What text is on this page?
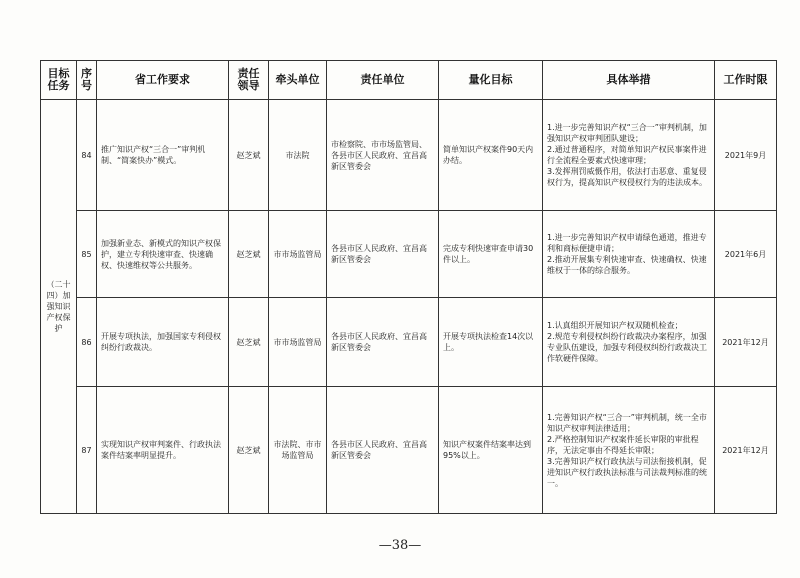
目标任务	序号	省工作要求	责任领导	牵头单位	责任单位	量化目标	具体举措	工作时限
（二十四）加强知识产权保护	84	推广知识产权“三合一”审判机制、“简案快办”模式。	赵芝斌	市法院	市检察院、市市场监管局、各县市区人民政府、宜昌高新区管委会	简单知识产权案件90天内办结。	1.进一步完善知识产权“三合一”审判机制，加强知识产权审判团队建设；
2.通过普通程序，对简单知识产权民事案件进行全流程全要素式快速审理；
3.发挥刑罚威慑作用，依法打击恶意、重复侵权行为，提高知识产权侵权行为的违法成本。	2021年9月
	85	加强新业态、新模式的知识产权保护，建立专利快速审查、快速确权、快速维权等公共服务。	赵芝斌	市市场监管局	各县市区人民政府、宜昌高新区管委会	完成专利快速审查申请30件以上。	1.进一步完善知识产权申请绿色通道，推进专利和商标便捷申请；
2.推动开展集专利快速审查、快速确权、快速维权于一体的综合服务。	2021年6月
	86	开展专项执法，加强国家专利侵权纠纷行政裁决。	赵芝斌	市市场监管局	各县市区人民政府、宜昌高新区管委会	开展专项执法检查14次以上。	1.认真组织开展知识产权双随机检查；
2.规范专利侵权纠纷行政裁决办案程序，加强专业队伍建设，加强专利侵权纠纷行政裁决工作软硬件保障。	2021年12月
	87	实现知识产权审判案件、行政执法案件结案率明显提升。	赵芝斌	市法院、市市场监管局	各县市区人民政府、宜昌高新区管委会	知识产权案件结案率达到95%以上。	1.完善知识产权“三合一”审判机制，统一全市知识产权审判法律适用；
2.严格控制知识产权案件延长审限的审批程序，无法定事由不得延长审限；
3.完善知识产权行政执法与司法衔接机制，促进知识产权行政执法标准与司法裁判标准的统一。	2021年12月
—38—
